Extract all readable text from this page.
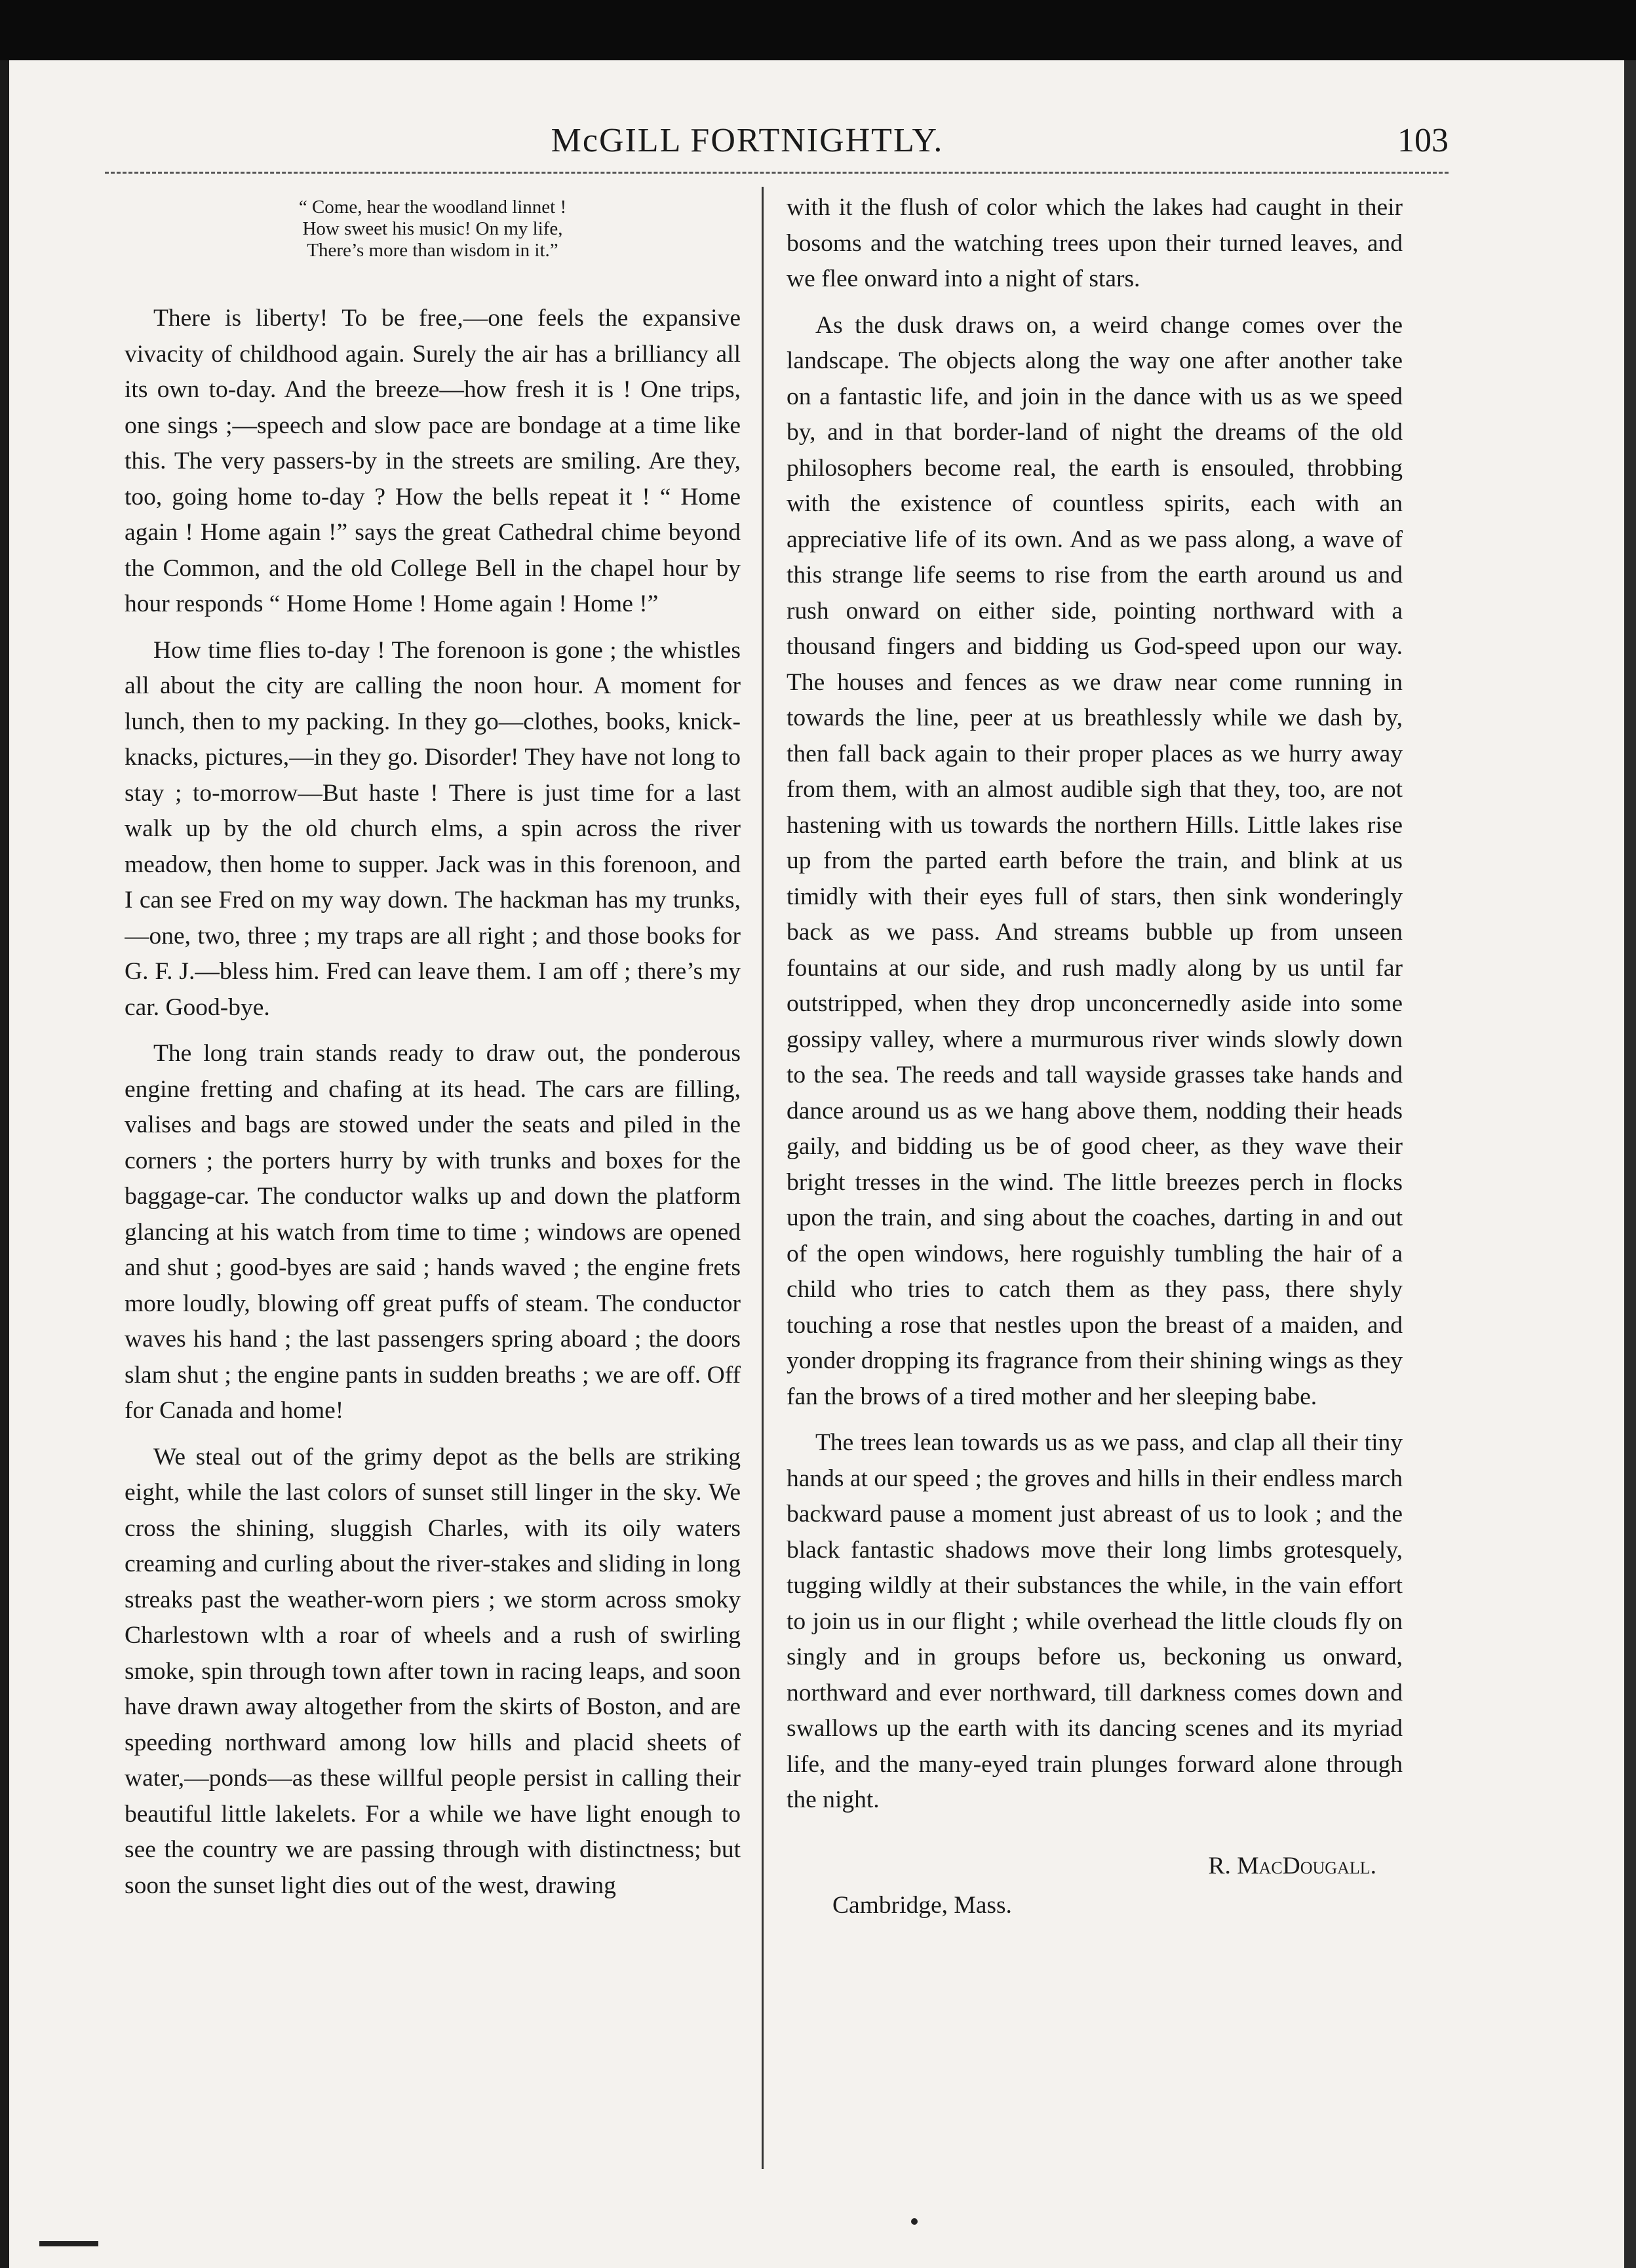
McGILL FORTNIGHTLY.	103
“ Come, hear the woodland linnet !
How sweet his music! On my life,
There’s more than wisdom in it.”

There is liberty! To be free,—one feels the expansive vivacity of childhood again. Surely the air has a brilliancy all its own to-day. And the breeze—how fresh it is ! One trips, one sings ;—speech and slow pace are bondage at a time like this. The very passers-by in the streets are smiling. Are they, too, going home to-day ? How the bells repeat it ! “ Home again ! Home again !” says the great Cathedral chime beyond the Common, and the old College Bell in the chapel hour by hour responds “ Home Home ! Home again ! Home !”

How time flies to-day ! The forenoon is gone ; the whistles all about the city are calling the noon hour. A moment for lunch, then to my packing. In they go—clothes, books, knick-knacks, pictures,—in they go. Disorder! They have not long to stay ; to-morrow—But haste ! There is just time for a last walk up by the old church elms, a spin across the river meadow, then home to supper. Jack was in this forenoon, and I can see Fred on my way down. The hackman has my trunks,—one, two, three ; my traps are all right ; and those books for G. F. J.—bless him. Fred can leave them. I am off ; there’s my car. Good-bye.

The long train stands ready to draw out, the ponderous engine fretting and chafing at its head. The cars are filling, valises and bags are stowed under the seats and piled in the corners ; the porters hurry by with trunks and boxes for the baggage-car. The conductor walks up and down the platform glancing at his watch from time to time ; windows are opened and shut ; good-byes are said ; hands waved ; the engine frets more loudly, blowing off great puffs of steam. The conductor waves his hand ; the last passengers spring aboard ; the doors slam shut ; the engine pants in sudden breaths ; we are off. Off for Canada and home!

We steal out of the grimy depot as the bells are striking eight, while the last colors of sunset still linger in the sky. We cross the shining, sluggish Charles, with its oily waters creaming and curling about the river-stakes and sliding in long streaks past the weather-worn piers ; we storm across smoky Charlestown wlth a roar of wheels and a rush of swirling smoke, spin through town after town in racing leaps, and soon have drawn away altogether from the skirts of Boston, and are speeding northward among low hills and placid sheets of water,—ponds—as these willful people persist in calling their beautiful little lakelets. For a while we have light enough to see the country we are passing through with distinctness; but soon the sunset light dies out of the west, drawing

with it the flush of color which the lakes had caught in their bosoms and the watching trees upon their turned leaves, and we flee onward into a night of stars.

As the dusk draws on, a weird change comes over the landscape. The objects along the way one after another take on a fantastic life, and join in the dance with us as we speed by, and in that border-land of night the dreams of the old philosophers become real, the earth is ensouled, throbbing with the existence of countless spirits, each with an appreciative life of its own. And as we pass along, a wave of this strange life seems to rise from the earth around us and rush onward on either side, pointing northward with a thousand fingers and bidding us God-speed upon our way. The houses and fences as we draw near come running in towards the line, peer at us breathlessly while we dash by, then fall back again to their proper places as we hurry away from them, with an almost audible sigh that they, too, are not hastening with us towards the northern Hills. Little lakes rise up from the parted earth before the train, and blink at us timidly with their eyes full of stars, then sink wonderingly back as we pass. And streams bubble up from unseen fountains at our side, and rush madly along by us until far outstripped, when they drop unconcernedly aside into some gossipy valley, where a murmurous river winds slowly down to the sea. The reeds and tall wayside grasses take hands and dance around us as we hang above them, nodding their heads gaily, and bidding us be of good cheer, as they wave their bright tresses in the wind. The little breezes perch in flocks upon the train, and sing about the coaches, darting in and out of the open windows, here roguishly tumbling the hair of a child who tries to catch them as they pass, there shyly touching a rose that nestles upon the breast of a maiden, and yonder dropping its fragrance from their shining wings as they fan the brows of a tired mother and her sleeping babe.

The trees lean towards us as we pass, and clap all their tiny hands at our speed ; the groves and hills in their endless march backward pause a moment just abreast of us to look ; and the black fantastic shadows move their long limbs grotesquely, tugging wildly at their substances the while, in the vain effort to join us in our flight ; while overhead the little clouds fly on singly and in groups before us, beckoning us onward, northward and ever northward, till darkness comes down and swallows up the earth with its dancing scenes and its myriad life, and the many-eyed train plunges forward alone through the night.

R. MacDougall.
Cambridge, Mass.
